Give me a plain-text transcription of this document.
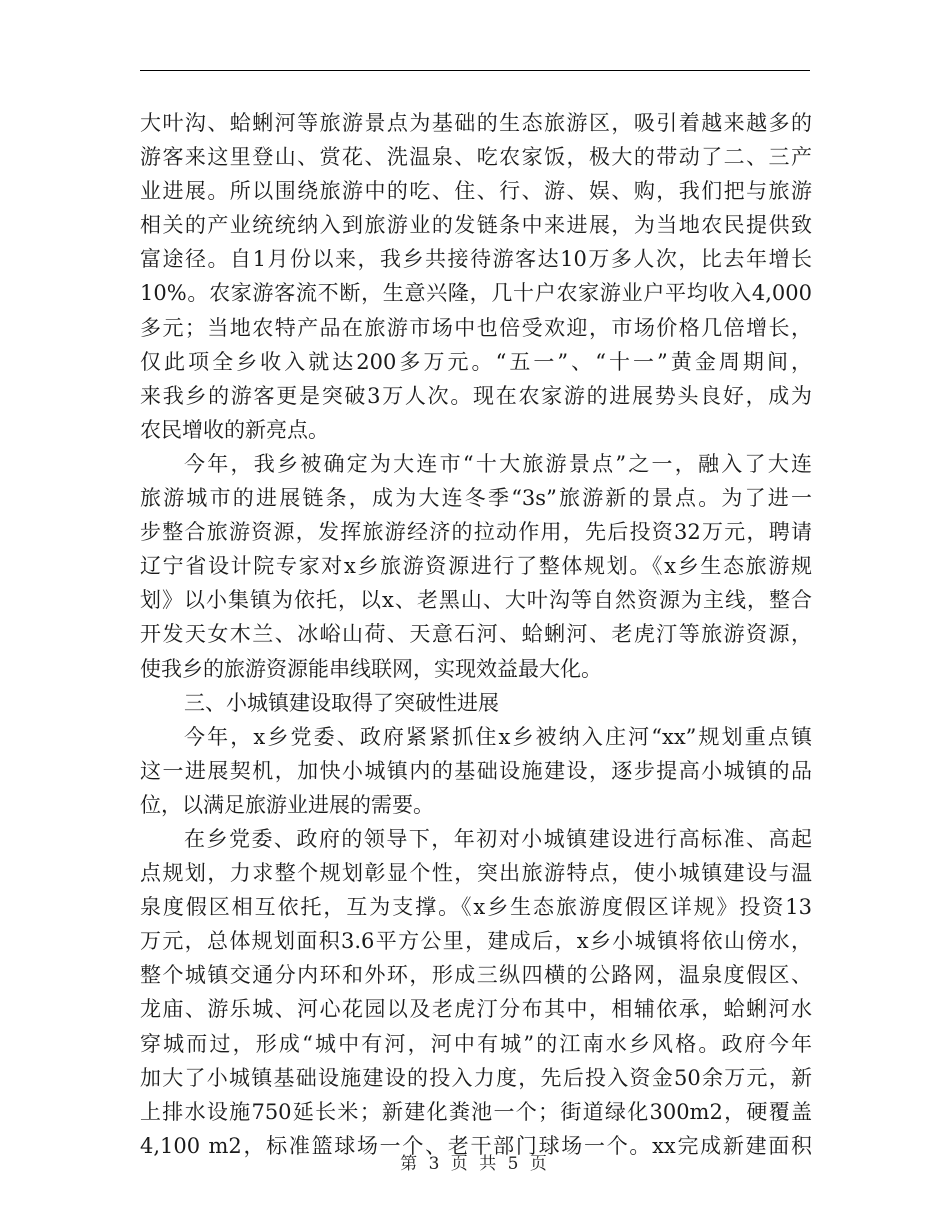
大叶沟、蛤蜊河等旅游景点为基础的生态旅游区，吸引着越来越多的
游客来这里登山、赏花、洗温泉、吃农家饭，极大的带动了二、三产
业进展。所以围绕旅游中的吃、住、行、游、娱、购，我们把与旅游
相关的产业统统纳入到旅游业的发链条中来进展，为当地农民提供致
富途径。自1月份以来，我乡共接待游客达10万多人次，比去年增长
10%。农家游客流不断，生意兴隆，几十户农家游业户平均收入4,000
多元；当地农特产品在旅游市场中也倍受欢迎，市场价格几倍增长，
仅此项全乡收入就达200多万元。“五一”、“十一”黄金周期间，
来我乡的游客更是突破3万人次。现在农家游的进展势头良好，成为
农民增收的新亮点。
今年，我乡被确定为大连市“十大旅游景点”之一，融入了大连
旅游城市的进展链条，成为大连冬季“3s”旅游新的景点。为了进一
步整合旅游资源，发挥旅游经济的拉动作用，先后投资32万元，聘请
辽宁省设计院专家对x乡旅游资源进行了整体规划。《x乡生态旅游规
划》以小集镇为依托，以x、老黑山、大叶沟等自然资源为主线，整合
开发天女木兰、冰峪山荷、天意石河、蛤蜊河、老虎汀等旅游资源，
使我乡的旅游资源能串线联网，实现效益最大化。
三、小城镇建设取得了突破性进展
今年，x乡党委、政府紧紧抓住x乡被纳入庄河“xx”规划重点镇
这一进展契机，加快小城镇内的基础设施建设，逐步提高小城镇的品
位，以满足旅游业进展的需要。
在乡党委、政府的领导下，年初对小城镇建设进行高标准、高起
点规划，力求整个规划彰显个性，突出旅游特点，使小城镇建设与温
泉度假区相互依托，互为支撑。《x乡生态旅游度假区详规》投资13
万元，总体规划面积3.6平方公里，建成后，x乡小城镇将依山傍水，
整个城镇交通分内环和外环，形成三纵四横的公路网，温泉度假区、
龙庙、游乐城、河心花园以及老虎汀分布其中，相辅依承，蛤蜊河水
穿城而过，形成“城中有河，河中有城”的江南水乡风格。政府今年
加大了小城镇基础设施建设的投入力度，先后投入资金50余万元，新
上排水设施750延长米；新建化粪池一个；街道绿化300m2，硬覆盖
4,100 m2，标准篮球场一个、老干部门球场一个。xx完成新建面积
第 3 页 共 5 页
